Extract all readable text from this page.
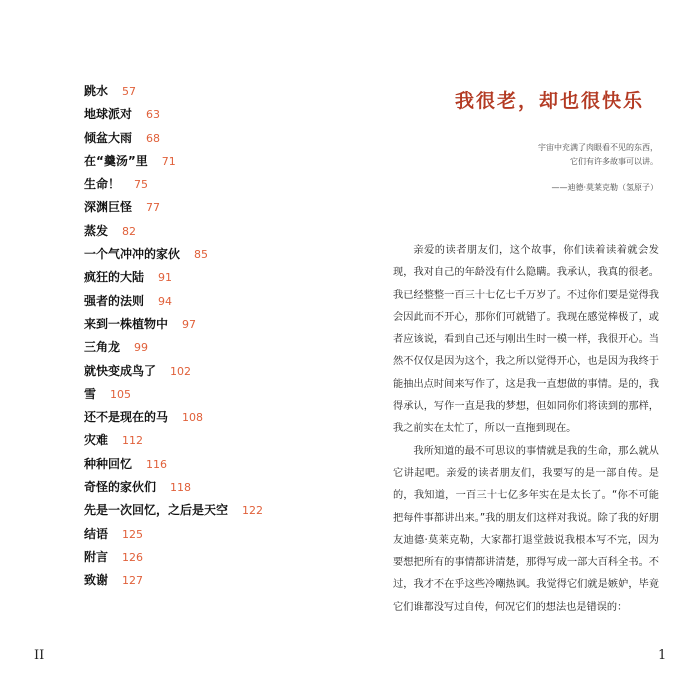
跳水 57
地球派对 63
倾盆大雨 68
在“羹汤”里 71
生命！ 75
深渊巨怪 77
蒸发 82
一个气冲冲的家伙 85
疯狂的大陆 91
强者的法则 94
来到一株植物中 97
三角龙 99
就快变成鸟了 102
雪 105
还不是现在的马 108
灾难 112
种种回忆 116
奇怪的家伙们 118
先是一次回忆，之后是天空 122
结语 125
附言 126
致谢 127
II
我很老，却也很快乐
宇宙中充满了肉眼看不见的东西，
它们有许多故事可以讲。
——迪德·莫莱克勒（氢原子）

亲爱的读者朋友们，这个故事，你们读着读着就会发现，我对自己的年龄没有什么隐瞒。我承认，我真的很老。我已经整整一百三十七亿七千万岁了。不过你们要是觉得我会因此而不开心，那你们可就错了。我现在感觉棒极了，或者应该说，看到自己还与刚出生时一模一样，我很开心。当然不仅仅是因为这个，我之所以觉得开心，也是因为我终于能抽出点时间来写作了，这是我一直想做的事情。是的，我得承认，写作一直是我的梦想，但如同你们将读到的那样，我之前实在太忙了，所以一直拖到现在。

我所知道的最不可思议的事情就是我的生命，那么就从它讲起吧。亲爱的读者朋友们，我要写的是一部自传。是的，我知道，一百三十七亿多年实在是太长了。“你不可能把每件事都讲出来。”我的朋友们这样对我说。除了我的好朋友迪德·莫莱克勒，大家都打退堂鼓说我根本写不完，因为要想把所有的事情都讲清楚，那得写成一部大百科全书。不过，我才不在乎这些冷嘲热讽。我觉得它们就是嫉妒，毕竟它们谁都没写过自传，何况它们的想法也是错误的：

1
